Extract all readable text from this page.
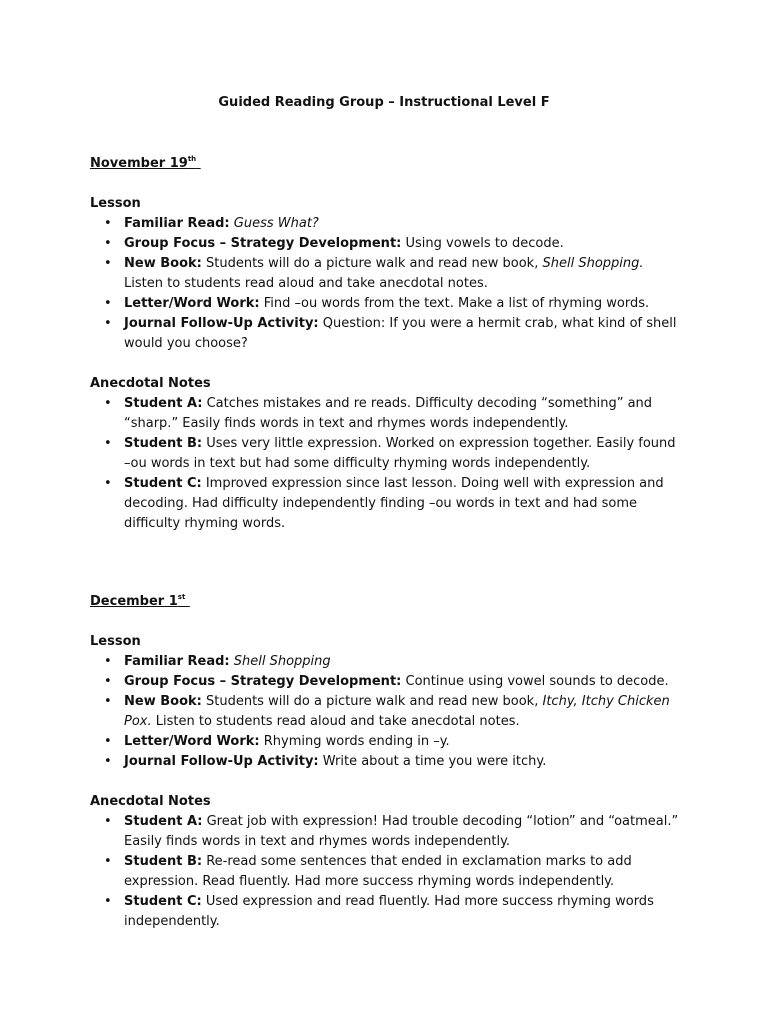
Guided Reading Group – Instructional Level F

November 19th

Lesson

• Familiar Read: Guess What?
• Group Focus – Strategy Development: Using vowels to decode.
• New Book: Students will do a picture walk and read new book, Shell Shopping. Listen to students read aloud and take anecdotal notes.
• Letter/Word Work: Find –ou words from the text. Make a list of rhyming words.
• Journal Follow-Up Activity: Question: If you were a hermit crab, what kind of shell would you choose?

Anecdotal Notes

• Student A: Catches mistakes and re reads. Difficulty decoding “something” and “sharp.” Easily finds words in text and rhymes words independently.
• Student B: Uses very little expression. Worked on expression together. Easily found –ou words in text but had some difficulty rhyming words independently.
• Student C: Improved expression since last lesson. Doing well with expression and decoding. Had difficulty independently finding –ou words in text and had some difficulty rhyming words.

December 1st

Lesson

• Familiar Read: Shell Shopping
• Group Focus – Strategy Development: Continue using vowel sounds to decode.
• New Book: Students will do a picture walk and read new book, Itchy, Itchy Chicken Pox. Listen to students read aloud and take anecdotal notes.
• Letter/Word Work: Rhyming words ending in –y.
• Journal Follow-Up Activity: Write about a time you were itchy.

Anecdotal Notes

• Student A: Great job with expression! Had trouble decoding “lotion” and “oatmeal.” Easily finds words in text and rhymes words independently.
• Student B: Re-read some sentences that ended in exclamation marks to add expression. Read fluently. Had more success rhyming words independently.
• Student C: Used expression and read fluently. Had more success rhyming words independently.
